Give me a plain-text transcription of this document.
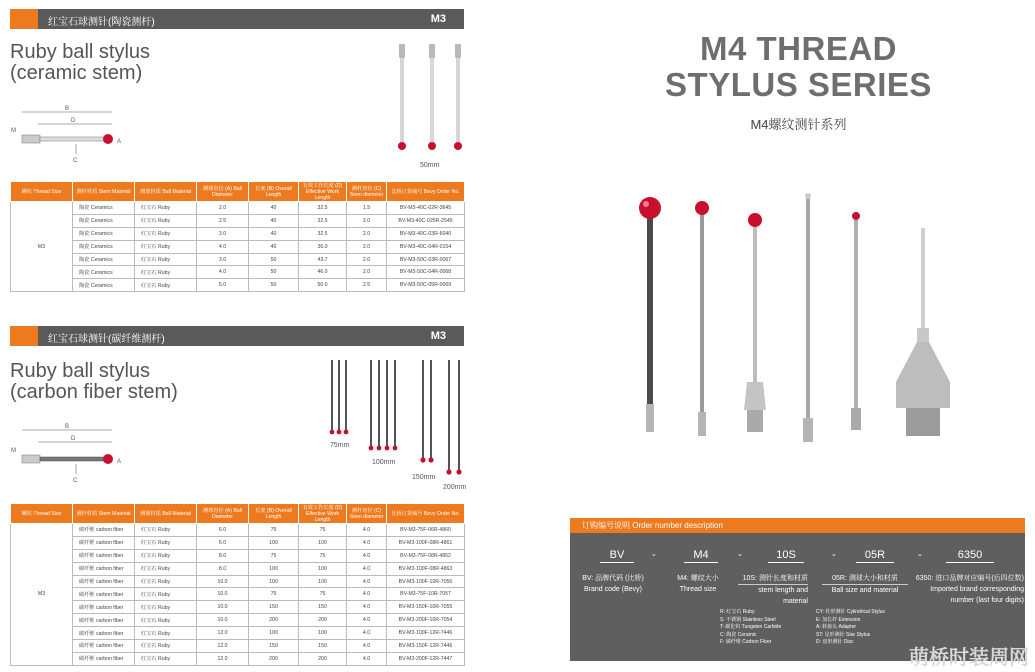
红宝石球测针(陶瓷测杆)	M3
Ruby ball stylus
(ceramic stem)
B
D
M
A
C
50mm
螺纹 Thread Size	测杆材质 Stem Material	测球材质 Ball Material	测球直径 (A) Ball Diameter	长度 (B) Overall Length	有效工作长度 (D) Effective Work Length	测杆直径 (C) Stem diameter	比桥订货编号 Bevy Order No.
M3	陶瓷 Ceramics	红宝石 Ruby	2.0	40	32.5	1.5	BV-M3-40C-02R-3645
	陶瓷 Ceramics	红宝石 Ruby	2.5	40	32.5	2.0	BV-M3-40C-025R-2545
	陶瓷 Ceramics	红宝石 Ruby	3.0	40	32.5	2.0	BV-M3-40C-03R-6040
	陶瓷 Ceramics	红宝石 Ruby	4.0	40	36.0	2.0	BV-M3-40C-04R-0154
	陶瓷 Ceramics	红宝石 Ruby	3.0	50	43.7	2.0	BV-M3-50C-03R-0067
	陶瓷 Ceramics	红宝石 Ruby	4.0	50	46.0	2.0	BV-M3-50C-04R-0068
	陶瓷 Ceramics	红宝石 Ruby	5.0	50	50.0	2.5	BV-M3-50C-05R-0069
红宝石球测针(碳纤维测杆)	M3
Ruby ball stylus
(carbon fiber stem)
B
D
M
A
C
75mm
100mm
150mm
200mm
螺纹 Thread Size	测杆材质 Stem Material	测球材质 Ball Material	测球直径 (A) Ball Diameter	长度 (B) Overall Length	有效工作长度 (D) Effective Work Length	测杆直径 (C) Stem diameter	比桥订货编号 Bevy Order No.
M3	碳纤维 carbon fiber	红宝石 Ruby	6.0	75	75	4.0	BV-M3-75F-06R-4860
	碳纤维 carbon fiber	红宝石 Ruby	6.0	100	100	4.0	BV-M3-100F-08R-4861
	碳纤维 carbon fiber	红宝石 Ruby	8.0	75	75	4.0	BV-M3-75F-08R-4862
	碳纤维 carbon fiber	红宝石 Ruby	8.0	100	100	4.0	BV-M3-100F-08R-4863
	碳纤维 carbon fiber	红宝石 Ruby	10.0	100	100	4.0	BV-M3-100F-10R-7056
	碳纤维 carbon fiber	红宝石 Ruby	10.0	75	75	4.0	BV-M3-75F-10R-7057
	碳纤维 carbon fiber	红宝石 Ruby	10.0	150	150	4.0	BV-M3-150F-10R-7055
	碳纤维 carbon fiber	红宝石 Ruby	10.0	200	200	4.0	BV-M3-200F-10R-7054
	碳纤维 carbon fiber	红宝石 Ruby	12.0	100	100	4.0	BV-M3-100F-12R-7446
	碳纤维 carbon fiber	红宝石 Ruby	12.0	150	150	4.0	BV-M3-150F-12R-7446
	碳纤维 carbon fiber	红宝石 Ruby	12.0	200	200	4.0	BV-M3-200F-12R-7447
M4 THREAD
STYLUS SERIES
M4螺纹测针系列
订购编号说明 Order number description
BV	-	M4	-	10S	-	05R	-	6350
BV: 品牌代码 (比桥)
Brand code (Bevy)
M4: 螺纹大小
Thread size
10S: 测针长度和材质
stem length and material
05R: 测球大小和材质
Ball size and material
6350: 进口品牌对应编号(后四位数)
Imported brand corresponding number (last four digits)
R: 红宝石 Ruby
S: 不锈钢 Stainless Steel
T: 碳化钨 Tungsten Carbide
C: 陶瓷 Ceramic
F: 碳纤维 Carbon Fiber
CY: 柱形测针 Cylindrical Stylus
E: 加长杆 Extension
A: 转接头 Adapter
ST: 星形测针 Star Stylus
D: 盘形测针 Disc
萌桥时装周网
